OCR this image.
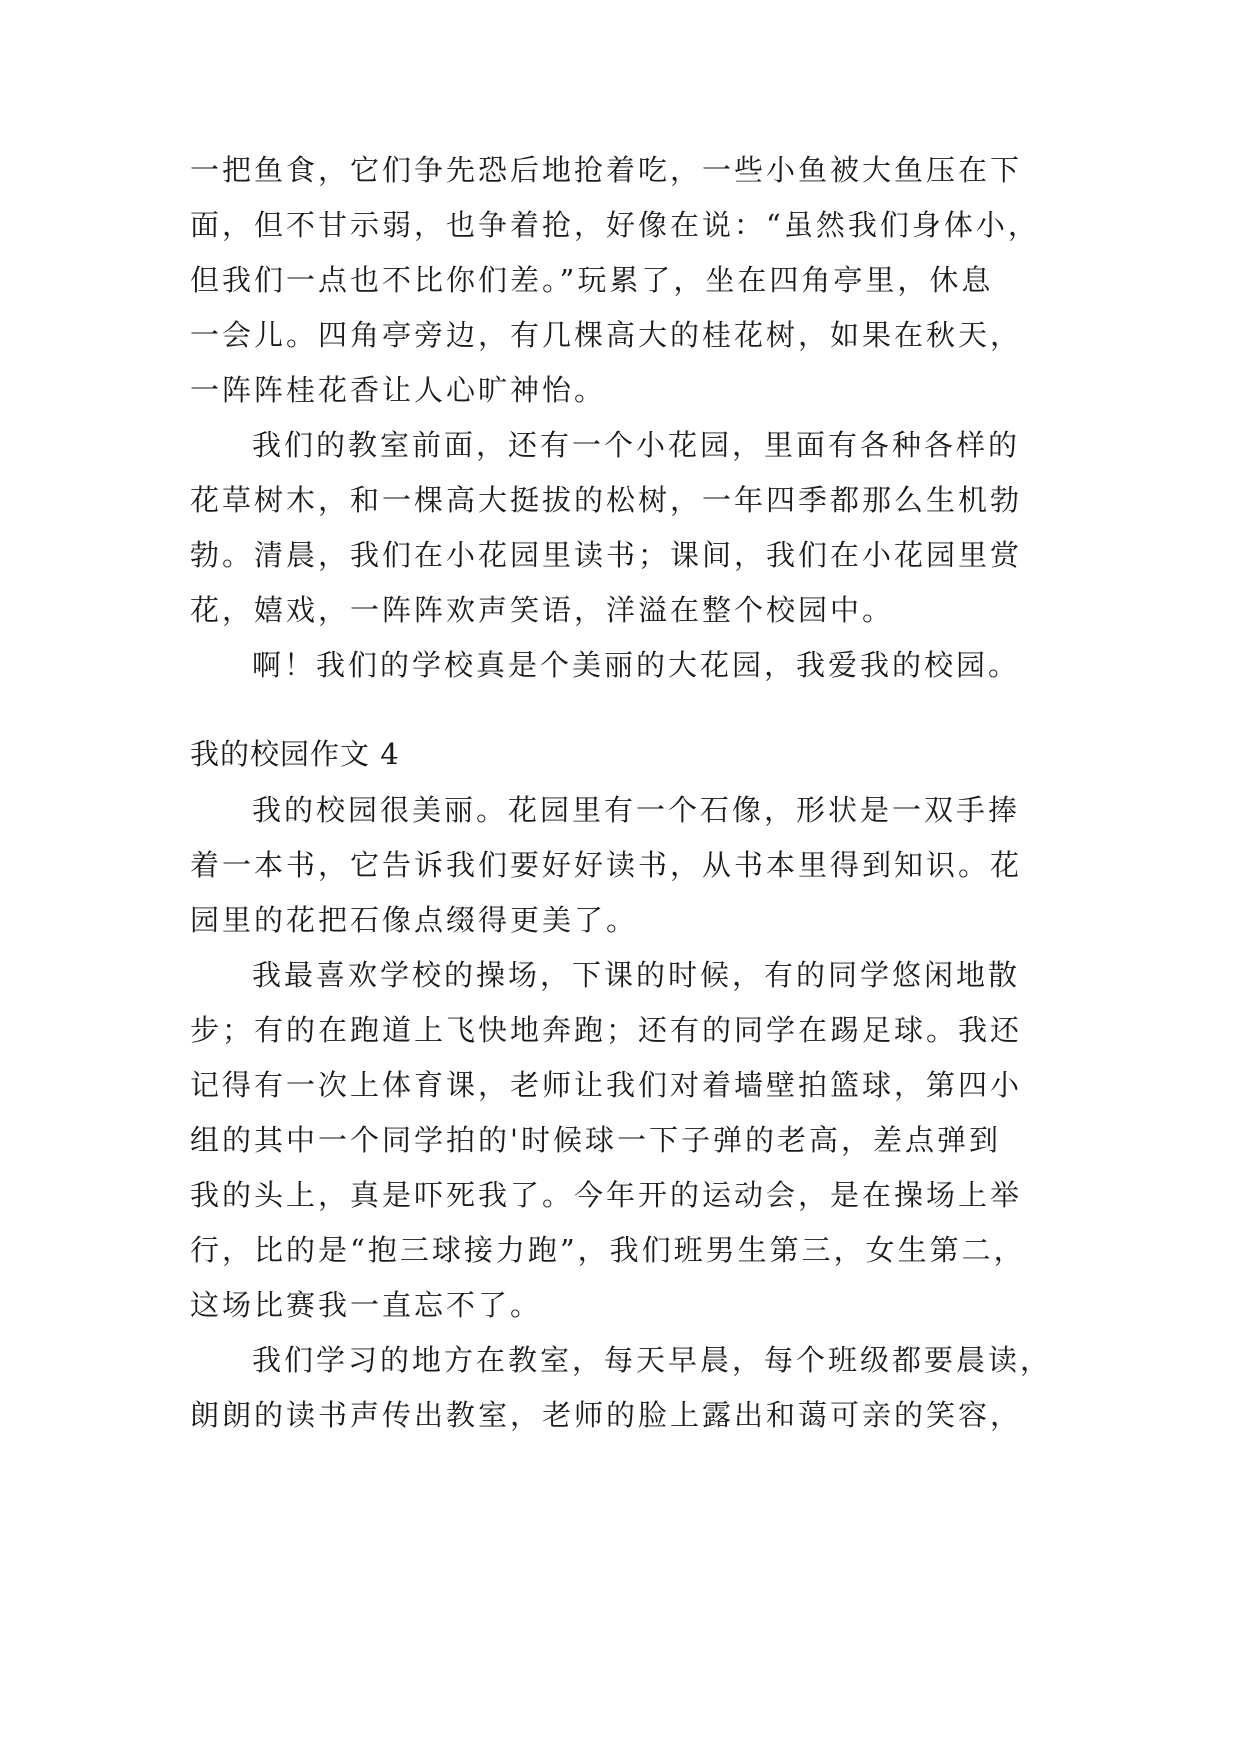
一把鱼食，它们争先恐后地抢着吃，一些小鱼被大鱼压在下
面，但不甘示弱，也争着抢，好像在说：“虽然我们身体小，
但我们一点也不比你们差。”玩累了，坐在四角亭里，休息
一会儿。四角亭旁边，有几棵高大的桂花树，如果在秋天，
一阵阵桂花香让人心旷神怡。
我们的教室前面，还有一个小花园，里面有各种各样的
花草树木，和一棵高大挺拔的松树，一年四季都那么生机勃
勃。清晨，我们在小花园里读书；课间，我们在小花园里赏
花，嬉戏，一阵阵欢声笑语，洋溢在整个校园中。
啊！我们的学校真是个美丽的大花园，我爱我的校园。
我的校园作文 4
我的校园很美丽。花园里有一个石像，形状是一双手捧
着一本书，它告诉我们要好好读书，从书本里得到知识。花
园里的花把石像点缀得更美了。
我最喜欢学校的操场，下课的时候，有的同学悠闲地散
步；有的在跑道上飞快地奔跑；还有的同学在踢足球。我还
记得有一次上体育课，老师让我们对着墙壁拍篮球，第四小
组的其中一个同学拍的'时候球一下子弹的老高，差点弹到
我的头上，真是吓死我了。今年开的运动会，是在操场上举
行，比的是“抱三球接力跑”，我们班男生第三，女生第二，
这场比赛我一直忘不了。
我们学习的地方在教室，每天早晨，每个班级都要晨读，
朗朗的读书声传出教室，老师的脸上露出和蔼可亲的笑容，
